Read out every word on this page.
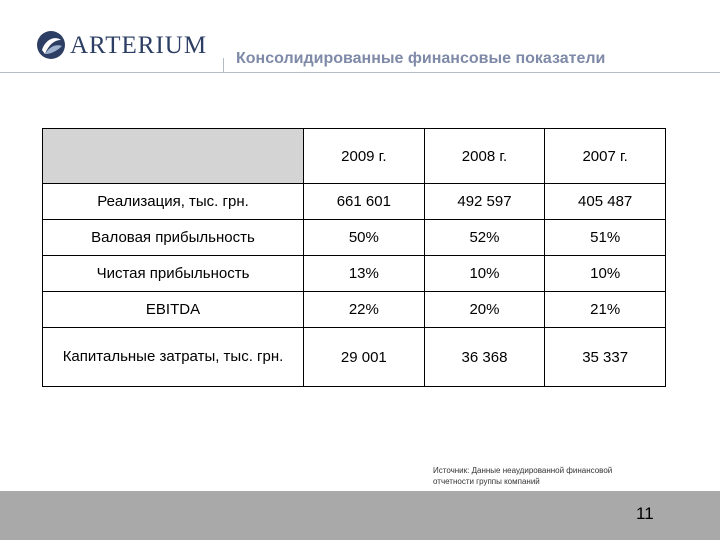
ARTERIUM Консолидированные финансовые показатели
	2009 г.	2008 г.	2007 г.
Реализация, тыс. грн.	661 601	492 597	405 487
Валовая прибыльность	50%	52%	51%
Чистая прибыльность	13%	10%	10%
EBITDA	22%	20%	21%
Капитальные затраты, тыс. грн.	29 001	36 368	35 337
Источник: Данные неаудированной финансовой
отчетности группы компаний
11
